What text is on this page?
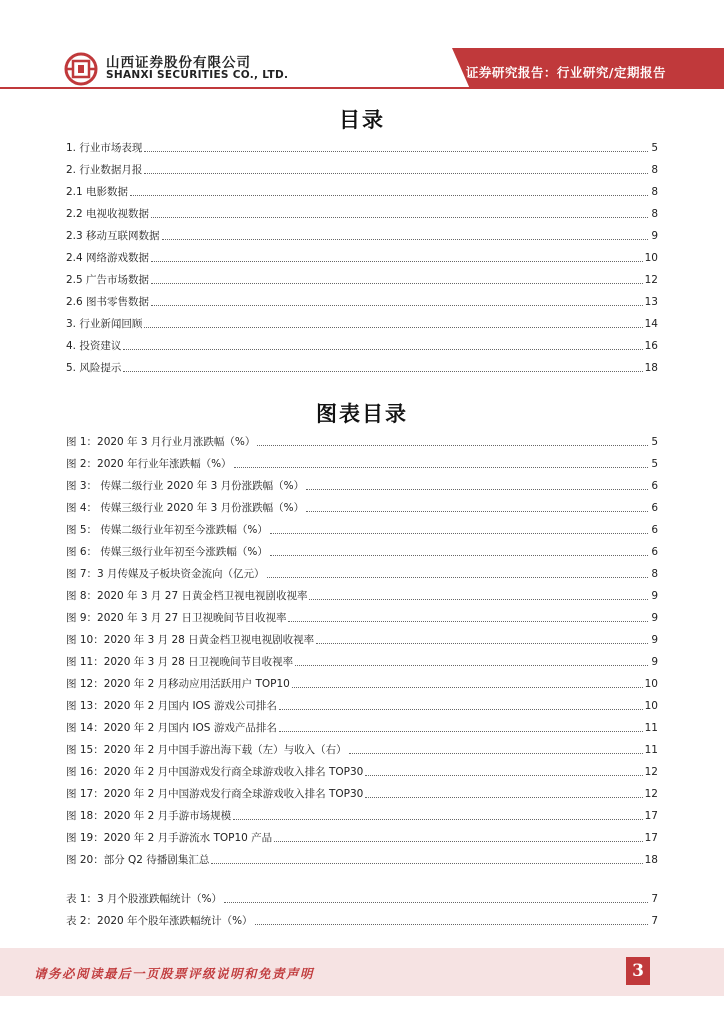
山西证券股份有限公司
SHANXI SECURITIES CO., LTD.	证券研究报告：行业研究/定期报告
目录
1. 行业市场表现	5
2. 行业数据月报	8
2.1 电影数据	8
2.2 电视收视数据	8
2.3 移动互联网数据	9
2.4 网络游戏数据	10
2.5 广告市场数据	12
2.6 图书零售数据	13
3. 行业新闻回顾	14
4. 投资建议	16
5. 风险提示	18
图表目录
图 1：2020 年 3 月行业月涨跌幅（%）	5
图 2：2020 年行业年涨跌幅（%）	5
图 3： 传媒二级行业 2020 年 3 月份涨跌幅（%）	6
图 4： 传媒三级行业 2020 年 3 月份涨跌幅（%）	6
图 5： 传媒二级行业年初至今涨跌幅（%）	6
图 6： 传媒三级行业年初至今涨跌幅（%）	6
图 7：3 月传媒及子板块资金流向（亿元）	8
图 8：2020 年 3 月 27 日黄金档卫视电视剧收视率	9
图 9：2020 年 3 月 27 日卫视晚间节目收视率	9
图 10：2020 年 3 月 28 日黄金档卫视电视剧收视率	9
图 11：2020 年 3 月 28 日卫视晚间节目收视率	9
图 12：2020 年 2 月移动应用活跃用户 TOP10	10
图 13：2020 年 2 月国内 IOS 游戏公司排名	10
图 14：2020 年 2 月国内 IOS 游戏产品排名	11
图 15：2020 年 2 月中国手游出海下载（左）与收入（右）	11
图 16：2020 年 2 月中国游戏发行商全球游戏收入排名 TOP30	12
图 17：2020 年 2 月中国游戏发行商全球游戏收入排名 TOP30	12
图 18：2020 年 2 月手游市场规模	17
图 19：2020 年 2 月手游流水 TOP10 产品	17
图 20：部分 Q2 待播剧集汇总	18
表 1：3 月个股涨跌幅统计（%）	7
表 2：2020 年个股年涨跌幅统计（%）	7
请务必阅读最后一页股票评级说明和免责声明	3
